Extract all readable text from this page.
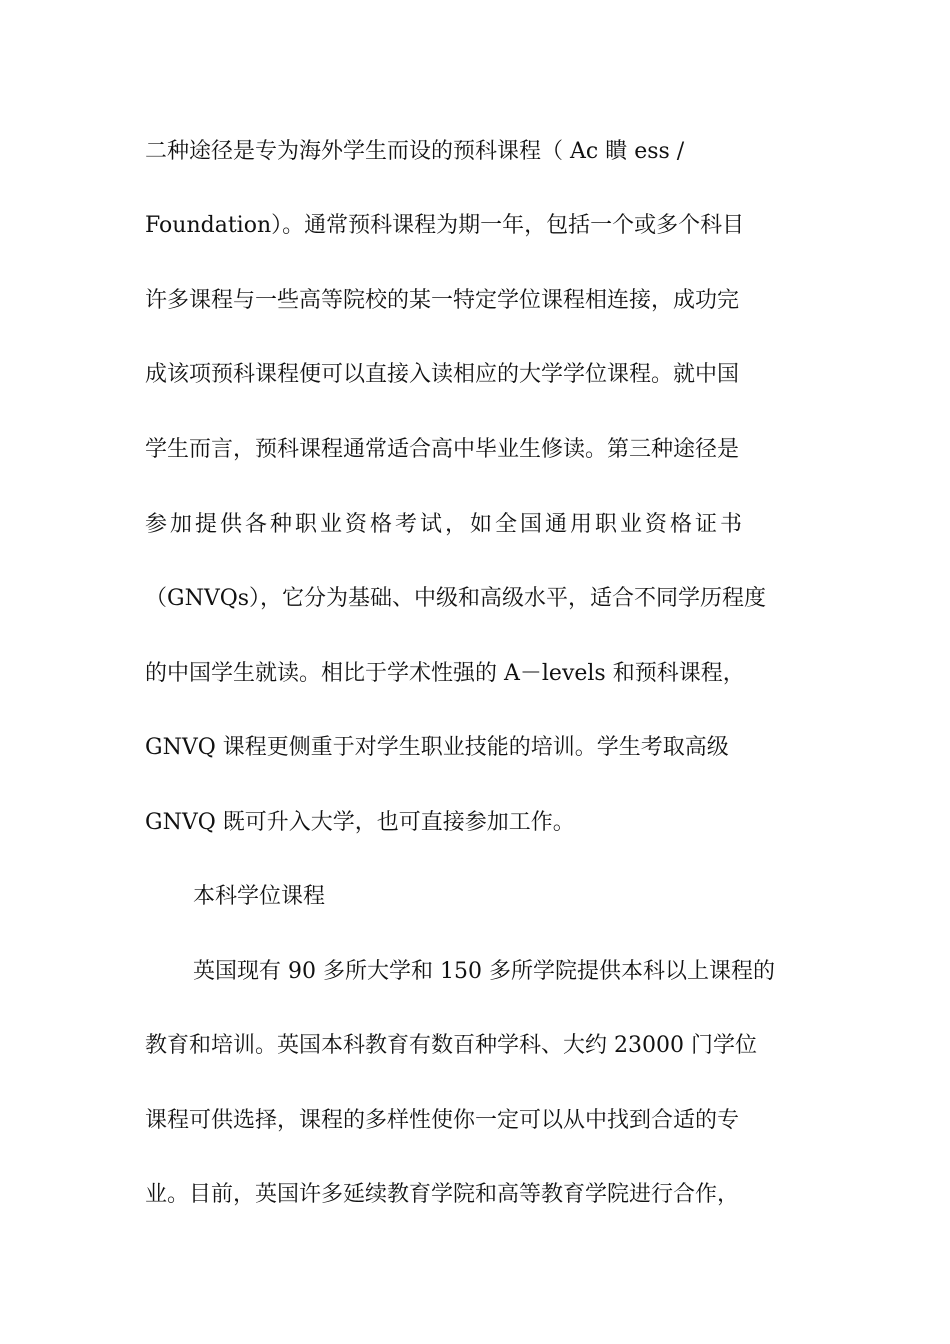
二种途径是专为海外学生而设的预科课程（ Ac 瞶 ess /
Foundation）。通常预科课程为期一年，包括一个或多个科目
许多课程与一些高等院校的某一特定学位课程相连接，成功完
成该项预科课程便可以直接入读相应的大学学位课程。就中国
学生而言，预科课程通常适合高中毕业生修读。第三种途径是
参加提供各种职业资格考试，如全国通用职业资格证书
（GNVQs），它分为基础、中级和高级水平，适合不同学历程度
的中国学生就读。相比于学术性强的 A－levels 和预科课程，
GNVQ 课程更侧重于对学生职业技能的培训。学生考取高级
GNVQ 既可升入大学，也可直接参加工作。
本科学位课程
英国现有 90 多所大学和 150 多所学院提供本科以上课程的
教育和培训。英国本科教育有数百种学科、大约 23000 门学位
课程可供选择，课程的多样性使你一定可以从中找到合适的专
业。目前，英国许多延续教育学院和高等教育学院进行合作，
